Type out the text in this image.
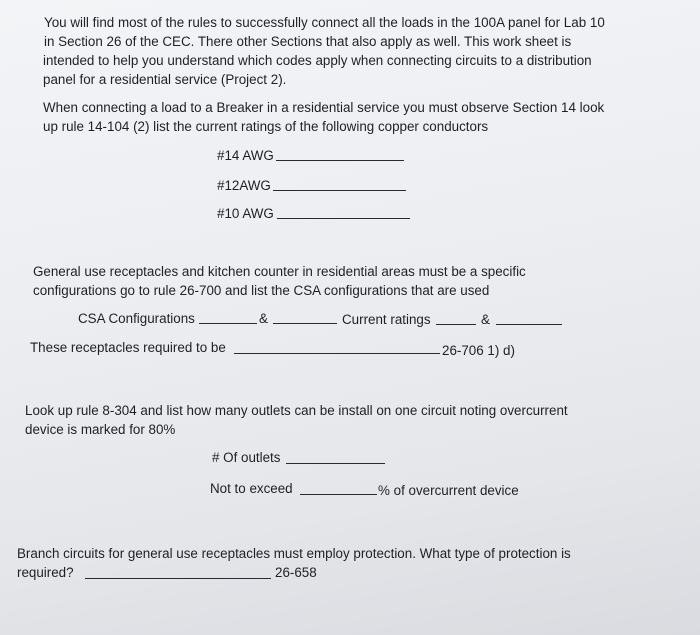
You will find most of the rules to successfully connect all the loads in the 100A panel for Lab 10
in Section 26 of the CEC. There other Sections that also apply as well. This work sheet is
intended to help you understand which codes apply when connecting circuits to a distribution
panel for a residential service (Project 2).
When connecting a load to a Breaker in a residential service you must observe Section 14 look
up rule 14-104 (2) list the current ratings of the following copper conductors
#14 AWG
#12AWG
#10 AWG
General use receptacles and kitchen counter in residential areas must be a specific
configurations go to rule 26-700 and list the CSA configurations that are used
CSA Configurations	&	Current ratings	&
These receptacles required to be	26-706 1) d)
Look up rule 8-304 and list how many outlets can be install on one circuit noting overcurrent
device is marked for 80%
# Of outlets
Not to exceed	% of overcurrent device
Branch circuits for general use receptacles must employ protection. What type of protection is
required?	26-658
